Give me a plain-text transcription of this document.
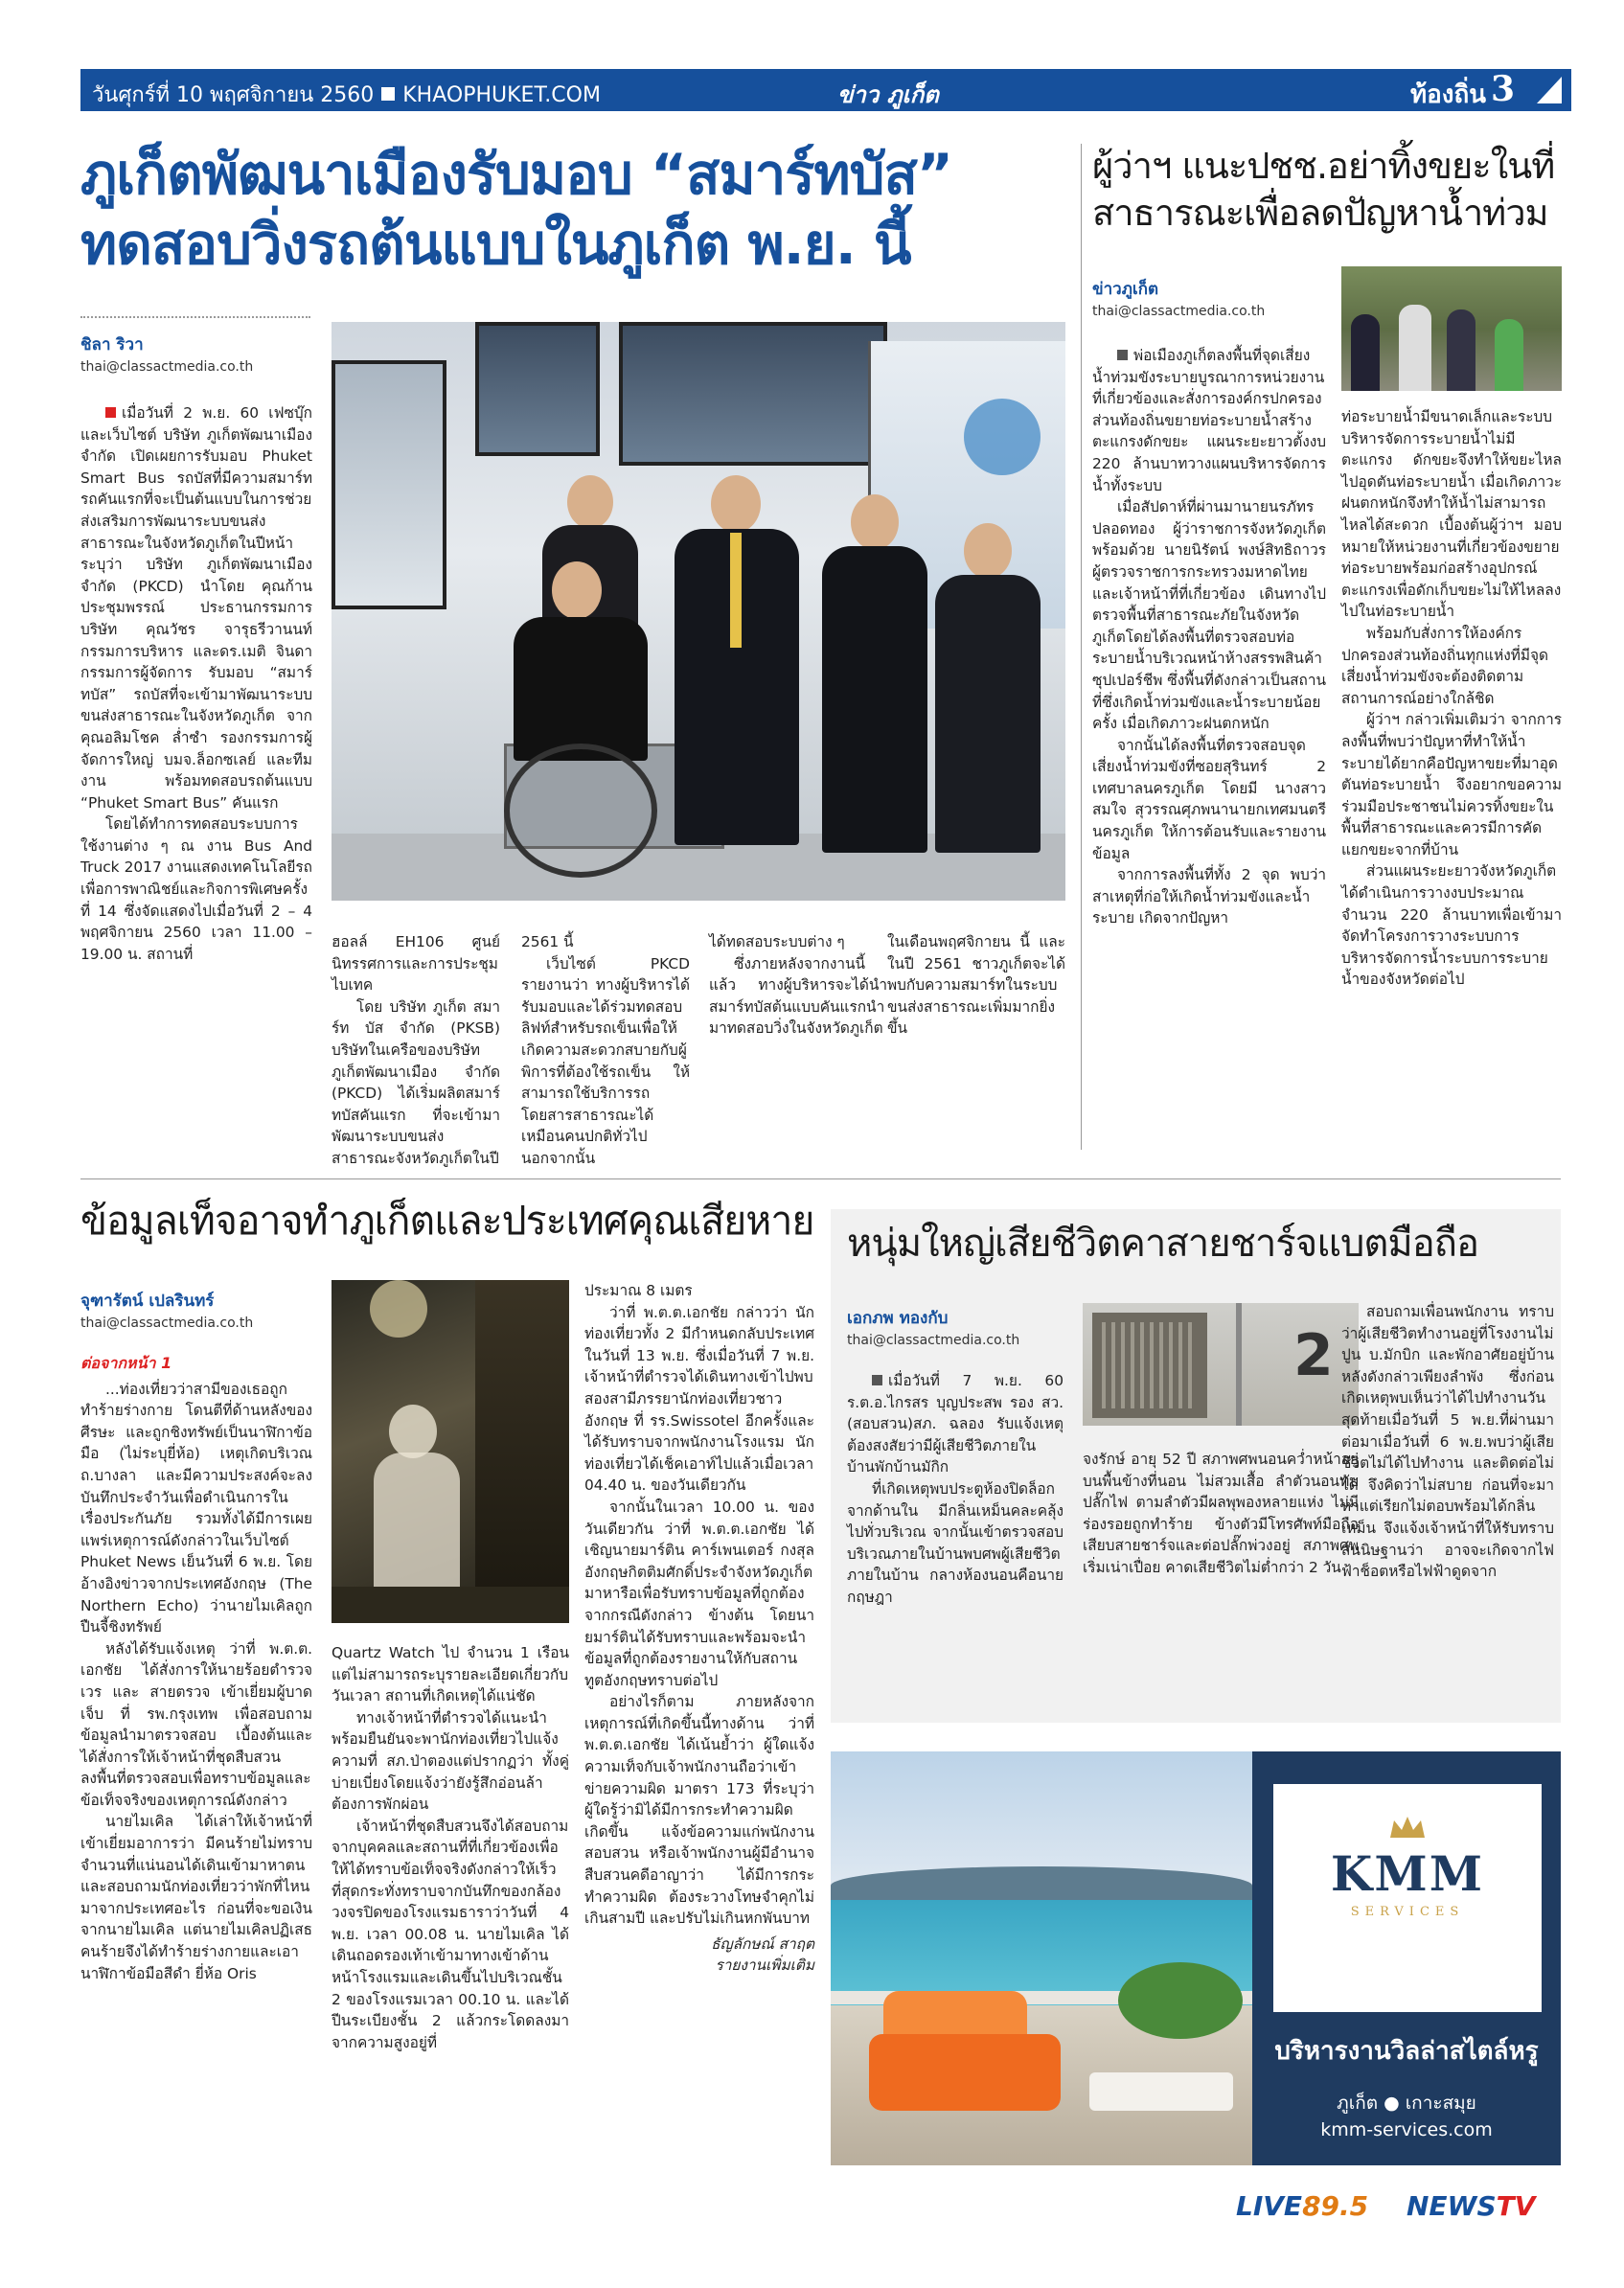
วันศุกร์ที่ 10 พฤศจิกายน 2560 KHAOPHUKET.COM	ข่าว ภูเก็ต	ท้องถิ่น 3
ภูเก็ตพัฒนาเมืองรับมอบ “สมาร์ทบัส”
ทดสอบวิ่งรถต้นแบบในภูเก็ต พ.ย. นี้
ชิลา ริวา
thai@classactmedia.co.th

เมื่อวันที่ 2 พ.ย. 60 เฟซบุ๊ก และเว็บไซต์ บริษัท ภูเก็ตพัฒนาเมือง จำกัด เปิดเผยการรับมอบ Phuket Smart Bus รถบัสที่มีความสมาร์ท รถคันแรกที่จะเป็นต้นแบบในการช่วยส่งเสริมการพัฒนาระบบขนส่งสาธารณะในจังหวัดภูเก็ตในปีหน้า ระบุว่า บริษัท ภูเก็ตพัฒนาเมือง จำกัด (PKCD) นำโดย คุณก้าน ประชุมพรรณ์ ประธานกรรมการบริษัท คุณวัชร จารุธรีวานนท์ กรรมการบริหาร และดร.เมติ จินดา กรรมการผู้จัดการ รับมอบ “สมาร์ทบัส” รถบัสที่จะเข้ามาพัฒนาระบบขนส่งสาธารณะในจังหวัดภูเก็ต จากคุณอลิมโชค ล่ำซำ รองกรรมการผู้จัดการใหญ่ บมจ.ล็อกซเลย์ และทีมงาน พร้อมทดสอบรถต้นแบบ “Phuket Smart Bus” คันแรก

โดยได้ทำการทดสอบระบบการใช้งานต่าง ๆ ณ งาน Bus And Truck 2017 งานแสดงเทคโนโลยีรถเพื่อการพาณิชย์และกิจการพิเศษครั้งที่ 14 ซึ่งจัดแสดงไปเมื่อวันที่ 2 – 4 พฤศจิกายน 2560 เวลา 11.00 – 19.00 น. สถานที่

ฮอลล์ EH106 ศูนย์นิทรรศการและการประชุมไบเทค

โดย บริษัท ภูเก็ต สมาร์ท บัส จำกัด (PKSB) บริษัทในเครือของบริษัท ภูเก็ตพัฒนาเมือง จำกัด (PKCD) ได้เริ่มผลิตสมาร์ทบัสคันแรก ที่จะเข้ามาพัฒนาระบบขนส่งสาธารณะจังหวัดภูเก็ตในปี

2561 นี้

เว็บไซต์ PKCD รายงานว่า ทางผู้บริหารได้รับมอบและได้ร่วมทดสอบลิฟท์สำหรับรถเข็นเพื่อให้เกิดความสะดวกสบายกับผู้พิการที่ต้องใช้รถเข็น ให้สามารถใช้บริการรถโดยสารสาธารณะได้เหมือนคนปกติทั่วไป นอกจากนั้น

ได้ทดสอบระบบต่าง ๆ

ซึ่งภายหลังจากงานนี้แล้ว ทางผู้บริหารจะได้นำสมาร์ทบัสต้นแบบคันแรกนำมาทดสอบวิ่งในจังหวัดภูเก็ตในเดือนพฤศจิกายน นี้ และในปี 2561 ชาวภูเก็ตจะได้พบกับความสมาร์ทในระบบขนส่งสาธารณะเพิ่มมากยิ่งขึ้น

ผู้ว่าฯ แนะปชช.อย่าทิ้งขยะในที่
สาธารณะเพื่อลดปัญหาน้ำท่วม
ข่าวภูเก็ต
thai@classactmedia.co.th

พ่อเมืองภูเก็ตลงพื้นที่จุดเสี่ยงน้ำท่วมขังระบายบูรณาการหน่วยงานที่เกี่ยวข้องและสั่งการองค์กรปกครองส่วนท้องถิ่นขยายท่อระบายน้ำสร้างตะแกรงดักขยะ แผนระยะยาวตั้งงบ 220 ล้านบาทวางแผนบริหารจัดการน้ำทั้งระบบ

เมื่อสัปดาห์ที่ผ่านมานายนรภัทร ปลอดทอง ผู้ว่าราชการจังหวัดภูเก็ต พร้อมด้วย นายนิรัตน์ พงษ์สิทธิถาวร ผู้ตรวจราชการกระทรวงมหาดไทย และเจ้าหน้าที่ที่เกี่ยวข้อง เดินทางไปตรวจพื้นที่สาธารณะภัยในจังหวัดภูเก็ตโดยได้ลงพื้นที่ตรวจสอบท่อระบายน้ำบริเวณหน้าห้างสรรพสินค้าซุปเปอร์ชีพ ซึ่งพื้นที่ดังกล่าวเป็นสถานที่ซึ่งเกิดน้ำท่วมขังและน้ำระบายน้อยครั้ง เมื่อเกิดภาวะฝนตกหนัก

จากนั้นได้ลงพื้นที่ตรวจสอบจุดเสี่ยงน้ำท่วมขังที่ซอยสุรินทร์ 2 เทศบาลนครภูเก็ต โดยมี นางสาวสมใจ สุวรรณศุภพนานายกเทศมนตรีนครภูเก็ต ให้การต้อนรับและรายงานข้อมูล

จากการลงพื้นที่ทั้ง 2 จุด พบว่าสาเหตุที่ก่อให้เกิดน้ำท่วมขังและน้ำระบาย เกิดจากปัญหา

ท่อระบายน้ำมีขนาดเล็กและระบบบริหารจัดการระบายน้ำไม่มีตะแกรง ดักขยะจึงทำให้ขยะไหลไปอุดตันท่อระบายน้ำ เมื่อเกิดภาวะฝนตกหนักจึงทำให้น้ำไม่สามารถไหลได้สะดวก เบื้องต้นผู้ว่าฯ มอบหมายให้หน่วยงานที่เกี่ยวข้องขยายท่อระบายพร้อมก่อสร้างอุปกรณ์ตะแกรงเพื่อดักเก็บขยะไม่ให้ไหลลงไปในท่อระบายน้ำ

พร้อมกับสั่งการให้องค์กรปกครองส่วนท้องถิ่นทุกแห่งที่มีจุดเสี่ยงน้ำท่วมขังจะต้องติดตามสถานการณ์อย่างใกล้ชิด

ผู้ว่าฯ กล่าวเพิ่มเติมว่า จากการลงพื้นที่พบว่าปัญหาที่ทำให้น้ำระบายได้ยากคือปัญหาขยะที่มาอุดตันท่อระบายน้ำ จึงอยากขอความร่วมมือประชาชนไม่ควรทิ้งขยะในพื้นที่สาธารณะและควรมีการคัดแยกขยะจากที่บ้าน

ส่วนแผนระยะยาวจังหวัดภูเก็ตได้ดำเนินการวางงบประมาณจำนวน 220 ล้านบาทเพื่อเข้ามาจัดทำโครงการวางระบบการบริหารจัดการน้ำระบบการระบายน้ำของจังหวัดต่อไป

ข้อมูลเท็จอาจทำภูเก็ตและประเทศคุณเสียหาย
จุฑารัตน์ เปลรินทร์
thai@classactmedia.co.th
ต่อจากหน้า 1

...ท่องเที่ยวว่าสามีของเธอถูกทำร้ายร่างกาย โดนตีที่ด้านหลังของศีรษะ และถูกชิงทรัพย์เป็นนาฬิกาข้อมือ (ไม่ระบุยี่ห้อ) เหตุเกิดบริเวณ ถ.บางลา และมีความประสงค์จะลงบันทึกประจำวันเพื่อดำเนินการในเรื่องประกันภัย รวมทั้งได้มีการเผยแพร่เหตุการณ์ดังกล่าวในเว็บไซต์ Phuket News เย็นวันที่ 6 พ.ย. โดยอ้างอิงข่าวจากประเทศอังกฤษ (The Northern Echo) ว่านายไมเคิลถูกปืนจี้ชิงทรัพย์

หลังได้รับแจ้งเหตุ ว่าที่ พ.ต.ต. เอกชัย ได้สั่งการให้นายร้อยตำรวจเวร และ สายตรวจ เข้าเยี่ยมผู้บาดเจ็บ ที่ รพ.กรุงเทพ เพื่อสอบถามข้อมูลนำมาตรวจสอบ เบื้องต้นและได้สั่งการให้เจ้าหน้าที่ชุดสืบสวนลงพื้นที่ตรวจสอบเพื่อทราบข้อมูลและข้อเท็จจริงของเหตุการณ์ดังกล่าว

นายไมเคิล ได้เล่าให้เจ้าหน้าที่เข้าเยี่ยมอาการว่า มีคนร้ายไม่ทราบจำนวนที่แน่นอนได้เดินเข้ามาหาตน และสอบถามนักท่องเที่ยวว่าพักที่ไหน มาจากประเทศอะไร ก่อนที่จะขอเงินจากนายไมเคิล แต่นายไมเคิลปฏิเสธ คนร้ายจึงได้ทำร้ายร่างกายและเอานาฬิกาข้อมือสีดำ ยี่ห้อ Oris

Quartz Watch ไป จำนวน 1 เรือน แต่ไม่สามารถระบุรายละเอียดเกี่ยวกับวันเวลา สถานที่เกิดเหตุได้แน่ชัด

ทางเจ้าหน้าที่ตำรวจได้แนะนำพร้อมยืนยันจะพานักท่องเที่ยวไปแจ้งความที่ สภ.ป่าตองแต่ปรากฏว่า ทั้งคู่บ่ายเบี่ยงโดยแจ้งว่ายังรู้สึกอ่อนล้าต้องการพักผ่อน

เจ้าหน้าที่ชุดสืบสวนจึงได้สอบถามจากบุคคลและสถานที่ที่เกี่ยวข้องเพื่อให้ได้ทราบข้อเท็จจริงดังกล่าวให้เร็วที่สุดกระทั่งทราบจากบันทึกของกล้องวงจรปิดของโรงแรมธาราว่าวันที่ 4 พ.ย. เวลา 00.08 น. นายไมเคิล ได้เดินถอดรองเท้าเข้ามาทางเข้าด้านหน้าโรงแรมและเดินขึ้นไปบริเวณชั้น 2 ของโรงแรมเวลา 00.10 น. และได้ปีนระเบียงชั้น 2 แล้วกระโดดลงมาจากความสูงอยู่ที่

ประมาณ 8 เมตร

ว่าที่ พ.ต.ต.เอกชัย กล่าวว่า นักท่องเที่ยวทั้ง 2 มีกำหนดกลับประเทศในวันที่ 13 พ.ย. ซึ่งเมื่อวันที่ 7 พ.ย. เจ้าหน้าที่ตำรวจได้เดินทางเข้าไปพบสองสามีภรรยานักท่องเที่ยวชาวอังกฤษ ที่ รร.Swissotel อีกครั้งและได้รับทราบจากพนักงานโรงแรม นักท่องเที่ยวได้เช็คเอาท์ไปแล้วเมื่อเวลา 04.40 น. ของวันเดียวกัน

จากนั้นในเวลา 10.00 น. ของวันเดียวกัน ว่าที่ พ.ต.ต.เอกชัย ได้เชิญนายมาร์ติน คาร์เพนเตอร์ กงสุลอังกฤษกิตติมศักดิ์ประจำจังหวัดภูเก็ต มาหารือเพื่อรับทราบข้อมูลที่ถูกต้องจากกรณีดังกล่าว ข้างต้น โดยนายมาร์ตินได้รับทราบและพร้อมจะนำข้อมูลที่ถูกต้องรายงานให้กับสถานทูตอังกฤษทราบต่อไป

อย่างไรก็ตาม ภายหลังจากเหตุการณ์ที่เกิดขึ้นนี้ทางด้าน ว่าที่ พ.ต.ต.เอกชัย ได้เน้นย้ำว่า ผู้ใดแจ้งความเท็จกับเจ้าพนักงานถือว่าเข้าข่ายความผิด มาตรา 173 ที่ระบุว่า ผู้ใดรู้ว่ามิได้มีการกระทำความผิดเกิดขึ้น แจ้งข้อความแก่พนักงานสอบสวน หรือเจ้าพนักงานผู้มีอำนาจสืบสวนคดีอาญาว่า ได้มีการกระทำความผิด ต้องระวางโทษจำคุกไม่เกินสามปี และปรับไม่เกินหกพันบาท

ธัญลักษณ์ สาฤต
รายงานเพิ่มเติม
หนุ่มใหญ่เสียชีวิตคาสายชาร์จแบตมือถือ
เอกภพ ทองกับ
thai@classactmedia.co.th	2

เมื่อวันที่ 7 พ.ย. 60 ร.ต.อ.ไกรสร บุญประสพ รอง สว.(สอบสวน)สภ. ฉลอง รับแจ้งเหตุต้องสงสัยว่ามีผู้เสียชีวิตภายในบ้านพักบ้านมักิก

ที่เกิดเหตุพบประตูห้องปิดล็อกจากด้านใน มีกลิ่นเหม็นคละคลุ้งไปทั่วบริเวณ จากนั้นเข้าตรวจสอบบริเวณภายในบ้านพบศพผู้เสียชีวิตภายในบ้าน กลางห้องนอนคือนายกฤษฎา

จงรักษ์ อายุ 52 ปี สภาพศพนอนคว่ำหน้าอยู่บนพื้นข้างที่นอน ไม่สวมเสื้อ ลำตัวนอนทับปลั๊กไฟ ตามลำตัวมีผลพุพองหลายแห่ง ไม่มีร่องรอยถูกทำร้าย ข้างตัวมีโทรศัพท์มือถือเสียบสายชาร์จและต่อปลั๊กพ่วงอยู่ สภาพศพเริ่มเน่าเปื่อย คาดเสียชีวิตไม่ต่ำกว่า 2 วัน

สอบถามเพื่อนพนักงาน ทราบว่าผู้เสียชีวิตทำงานอยู่ที่โรงงานไม่ปูน บ.มักบิก และพักอาศัยอยู่บ้านหลังดังกล่าวเพียงลำพัง ซึ่งก่อนเกิดเหตุพบเห็นว่าได้ไปทำงานวันสุดท้ายเมื่อวันที่ 5 พ.ย.ที่ผ่านมา ต่อมาเมื่อวันที่ 6 พ.ย.พบว่าผู้เสียชีวิตไม่ได้ไปทำงาน และติดต่อไม่ได้ จึงคิดว่าไม่สบาย ก่อนที่จะมาหาแต่เรียกไม่ตอบพร้อมได้กลิ่นเหม็น จึงแจ้งเจ้าหน้าที่ให้รับทราบ สันนิษฐานว่า อาจจะเกิดจากไฟฟ้าช็อตหรือไฟฟ้าดูดจาก

KMM
SERVICES
บริหารงานวิลล่าสไตล์หรู
ภูเก็ต ● เกาะสมุย
kmm-services.com
LIVE89.5 NEWSTV
